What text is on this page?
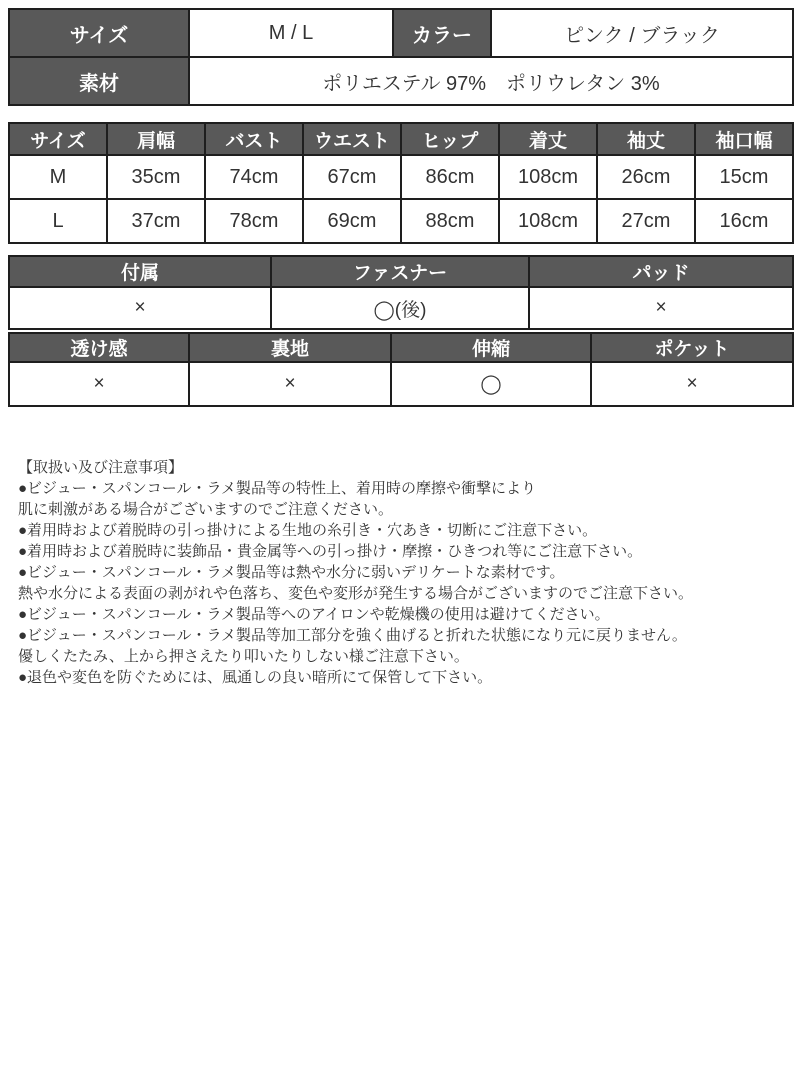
サイズ	M / L	カラー	ピンク / ブラック
素材	ポリエステル 97%　ポリウレタン 3%		
サイズ	肩幅	バスト	ウエスト	ヒップ	着丈	袖丈	袖口幅
M	35cm	74cm	67cm	86cm	108cm	26cm	15cm
L	37cm	78cm	69cm	88cm	108cm	27cm	16cm
付属	ファスナー	パッド
×	◯(後)	×
透け感	裏地	伸縮	ポケット
×	×	◯	×
【取扱い及び注意事項】
●ビジュー・スパンコール・ラメ製品等の特性上、着用時の摩擦や衝撃により
肌に刺激がある場合がございますのでご注意ください。
●着用時および着脱時の引っ掛けによる生地の糸引き・穴あき・切断にご注意下さい。
●着用時および着脱時に装飾品・貴金属等への引っ掛け・摩擦・ひきつれ等にご注意下さい。
●ビジュー・スパンコール・ラメ製品等は熱や水分に弱いデリケートな素材です。
熱や水分による表面の剥がれや色落ち、変色や変形が発生する場合がございますのでご注意下さい。
●ビジュー・スパンコール・ラメ製品等へのアイロンや乾燥機の使用は避けてください。
●ビジュー・スパンコール・ラメ製品等加工部分を強く曲げると折れた状態になり元に戻りません。
優しくたたみ、上から押さえたり叩いたりしない様ご注意下さい。
●退色や変色を防ぐためには、風通しの良い暗所にて保管して下さい。
